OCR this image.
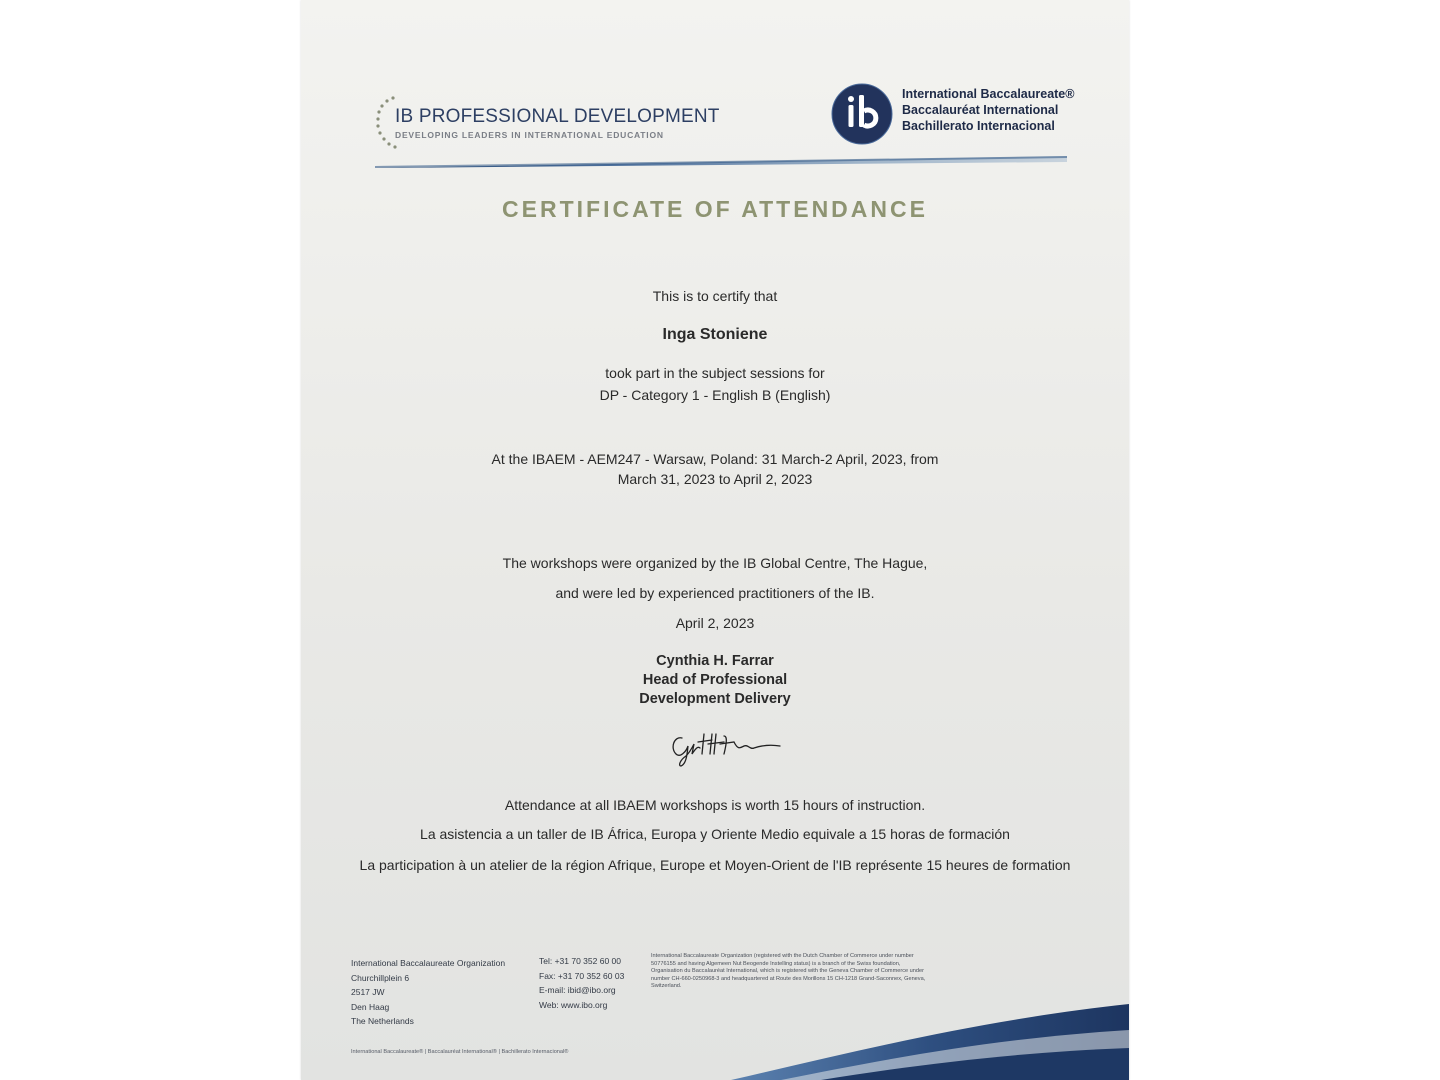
IB PROFESSIONAL DEVELOPMENT
DEVELOPING LEADERS IN INTERNATIONAL EDUCATION
International Baccalaureate®
Baccalauréat International
Bachillerato Internacional
CERTIFICATE OF ATTENDANCE
This is to certify that
Inga Stoniene
took part in the subject sessions for
DP - Category 1 - English B (English)
At the IBAEM - AEM247 - Warsaw, Poland: 31 March-2 April, 2023, from
March 31, 2023 to April 2, 2023
The workshops were organized by the IB Global Centre, The Hague,
and were led by experienced practitioners of the IB.
April 2, 2023
Cynthia H. Farrar
Head of Professional
Development Delivery
Attendance at all IBAEM workshops is worth 15 hours of instruction.
La asistencia a un taller de IB África, Europa y Oriente Medio equivale a 15 horas de formación
La participation à un atelier de la région Afrique, Europe et Moyen-Orient de l'IB représente 15 heures de formation
International Baccalaureate Organization
Churchillplein 6
2517 JW
Den Haag
The Netherlands
Tel: +31 70 352 60 00
Fax: +31 70 352 60 03
E-mail: ibid@ibo.org
Web: www.ibo.org
International Baccalaureate Organization (registered with the Dutch Chamber of Commerce under number 50776155 and having Algemeen Nut Beogende Instelling status) is a branch of the Swiss foundation, Organisation du Baccalauréat International, which is registered with the Geneva Chamber of Commerce under number CH-660-0250968-3 and headquartered at Route des Morillons 15 CH-1218 Grand-Saconnex, Geneva, Switzerland.
International Baccalaureate® | Baccalauréat International® | Bachillerato Internacional®
